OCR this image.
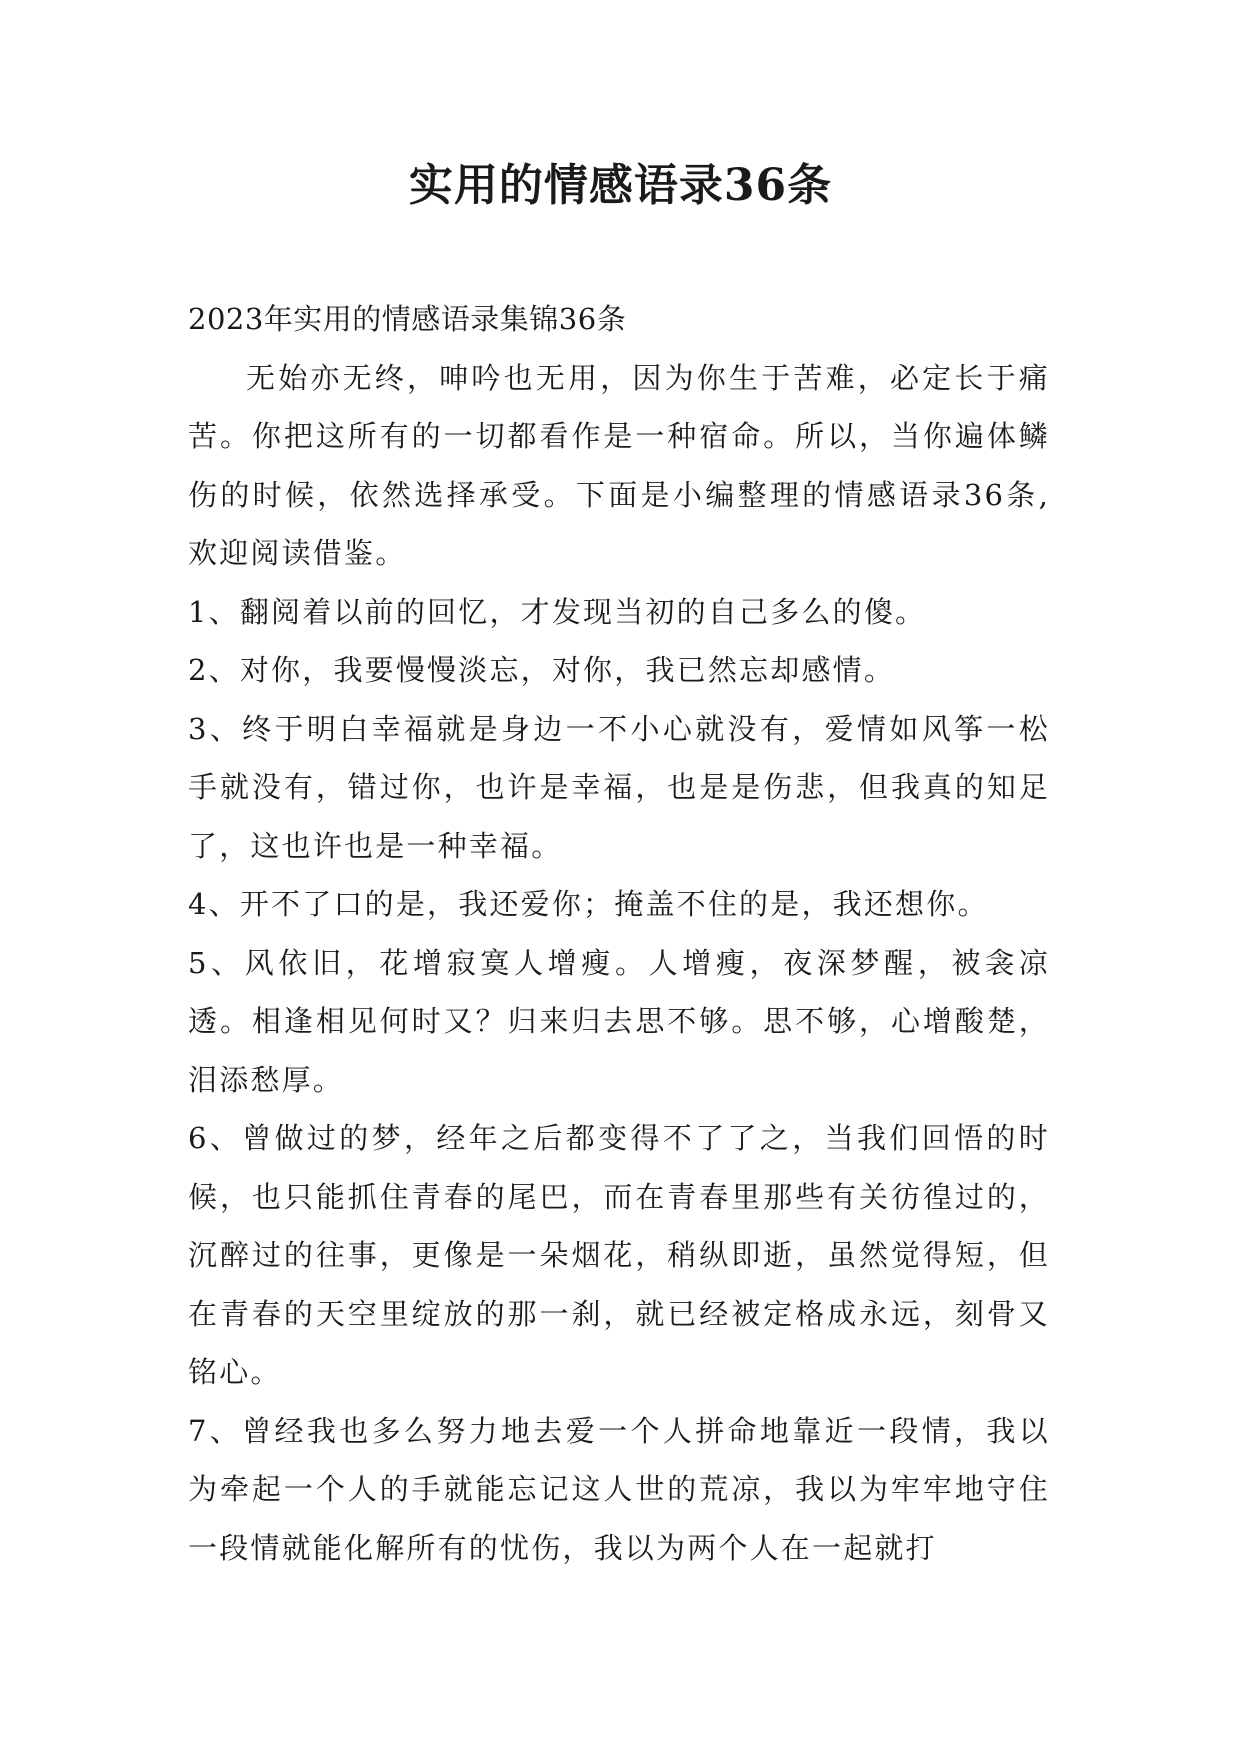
实用的情感语录36条

2023年实用的情感语录集锦36条

无始亦无终，呻吟也无用，因为你生于苦难，必定长于痛苦。你把这所有的一切都看作是一种宿命。所以，当你遍体鳞伤的时候，依然选择承受。下面是小编整理的情感语录36条,欢迎阅读借鉴。

1、翻阅着以前的回忆，才发现当初的自己多么的傻。

2、对你，我要慢慢淡忘，对你，我已然忘却感情。

3、终于明白幸福就是身边一不小心就没有，爱情如风筝一松手就没有，错过你，也许是幸福，也是是伤悲，但我真的知足了，这也许也是一种幸福。

4、开不了口的是，我还爱你；掩盖不住的是，我还想你。

5、风依旧，花增寂寞人增瘦。人增瘦，夜深梦醒，被衾凉透。相逢相见何时又？归来归去思不够。思不够，心增酸楚，泪添愁厚。

6、曾做过的梦，经年之后都变得不了了之，当我们回悟的时候，也只能抓住青春的尾巴，而在青春里那些有关彷徨过的，沉醉过的往事，更像是一朵烟花，稍纵即逝，虽然觉得短，但在青春的天空里绽放的那一刹，就已经被定格成永远，刻骨又铭心。

7、曾经我也多么努力地去爱一个人拼命地靠近一段情，我以为牵起一个人的手就能忘记这人世的荒凉，我以为牢牢地守住一段情就能化解所有的忧伤，我以为两个人在一起就打
